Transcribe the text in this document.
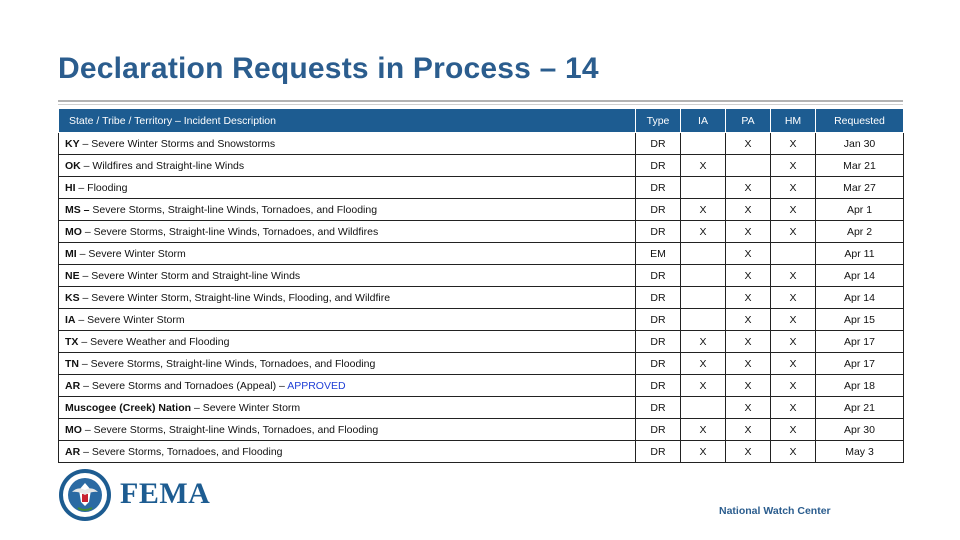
Declaration Requests in Process – 14
State / Tribe / Territory – Incident Description	Type	IA	PA	HM	Requested
KY – Severe Winter Storms and Snowstorms	DR		X	X	Jan 30
OK – Wildfires and Straight-line Winds	DR	X		X	Mar 21
HI – Flooding	DR		X	X	Mar 27
MS – Severe Storms, Straight-line Winds, Tornadoes, and Flooding	DR	X	X	X	Apr 1
MO – Severe Storms, Straight-line Winds, Tornadoes, and Wildfires	DR	X	X	X	Apr 2
MI – Severe Winter Storm	EM		X		Apr 11
NE – Severe Winter Storm and Straight-line Winds	DR		X	X	Apr 14
KS – Severe Winter Storm, Straight-line Winds, Flooding, and Wildfire	DR		X	X	Apr 14
IA – Severe Winter Storm	DR		X	X	Apr 15
TX – Severe Weather and Flooding	DR	X	X	X	Apr 17
TN – Severe Storms, Straight-line Winds, Tornadoes, and Flooding	DR	X	X	X	Apr 17
AR – Severe Storms and Tornadoes (Appeal) – APPROVED	DR	X	X	X	Apr 18
Muscogee (Creek) Nation – Severe Winter Storm	DR		X	X	Apr 21
MO – Severe Storms, Straight-line Winds, Tornadoes, and Flooding	DR	X	X	X	Apr 30
AR – Severe Storms, Tornadoes, and Flooding	DR	X	X	X	May 3
FEMA
National Watch Center
